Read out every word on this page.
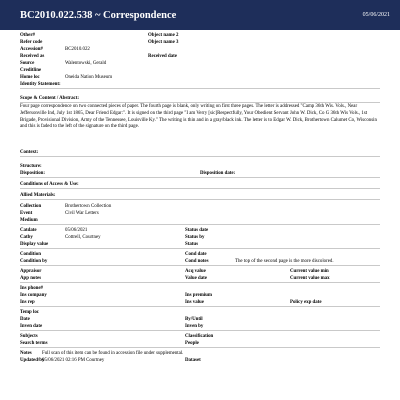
BC2010.022.538 ~ Correspondence	05/06/2021
Other#	Object name 2
Refer code	Object name 3
Accession#	BC2010.022
Received as	Received date
Source	Walentowski, Gerald
Creditline
Home loc	Oneida Nation Museum
Identity Statement:
Scope & Content / Abstract:
Four page correspondence on two connected pieces of paper. The fourth page is blank, only writing on first three pages. The letter is addressed "Camp 36th Wis. Vols., Near Jeffersonville Ind, July 1st 1865, Dear Friend Edgar:". It is signed on the third page "I am Verry [sic]Respectfully, Your Obedient Servant John W. Dick, Co G 36th Wis Vols., 1st Brigade, Provisional Division, Army of the Tennessee, Louisville Ky." The writing is thin and in a gray/black ink. The letter is to Edgar W. Dick, Brothertown Calumet Co, Wisconsin and this is faded to the left of the signature on the third page.
Context:
Structure:
Disposition:	Disposition date:
Conditions of Access & Use:
Allied Materials:
Collection	Brothertown Collection
Event	Civil War Letters
Medium
Catdate	05/06/2021	Status date
Catby	Cottrell, Courtney	Status by
Display value	Status
Condition	Cond date
Condition by	Cond notes	The top of the second page is the more discolored.
Appraisor	Acq value	Current value min
App notes	Value date	Current value max
Ins phone#
Ins company	Ins premium
Ins rep	Ins value	Policy exp date
Temp loc
Date	By/Until
Inven date	Inven by
Subjects	Classification
Search terms	People
Notes	Full scan of this item can be found in accession file under supplemental.
Updated/by
05/06/2021 02:16 PM Courtney	Dataset
